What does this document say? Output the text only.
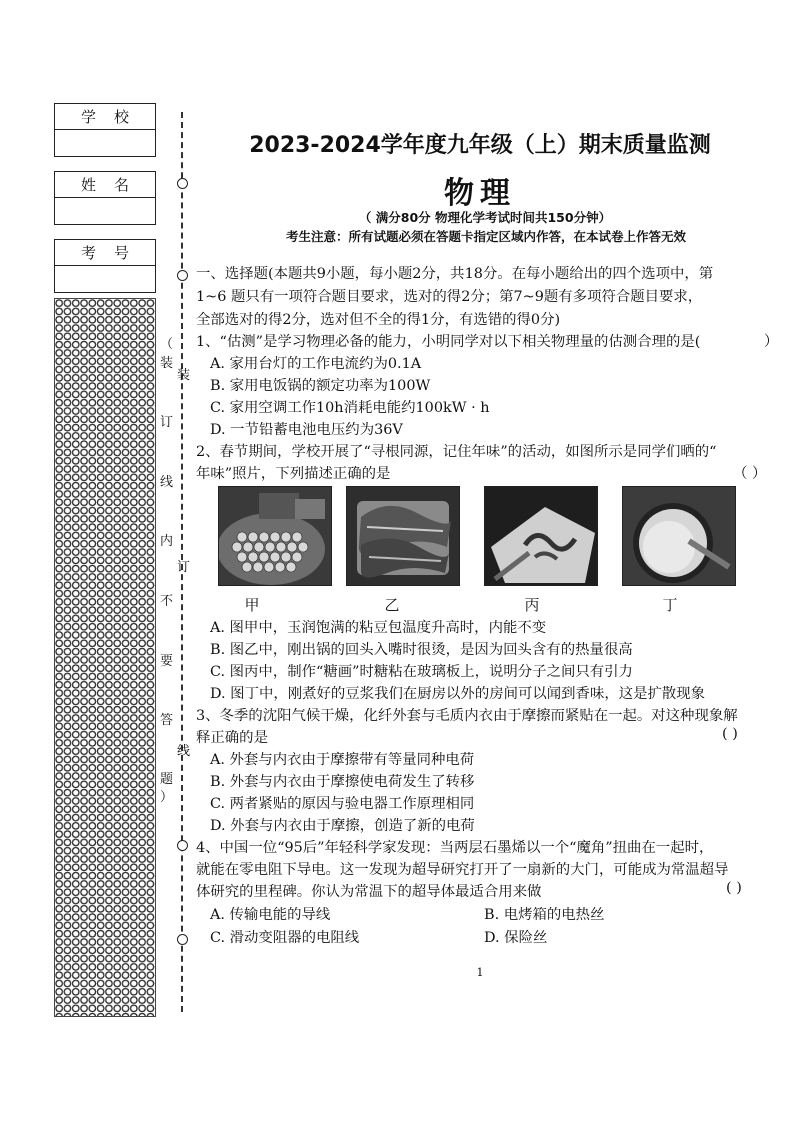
学校
姓名
考号
（
装
订
线
内
不
要
答
题
）
装
订
线
2023-2024学年度九年级（上）期末质量监测
物理
（ 满分80分 物理化学考试时间共150分钟）
考生注意：所有试题必须在答题卡指定区域内作答，在本试卷上作答无效
一、选择题(本题共9小题，每小题2分，共18分。在每小题给出的四个选项中，第
1~6 题只有一项符合题目要求，选对的得2分；第7~9题有多项符合题目要求，
全部选对的得2分，选对但不全的得1分，有选错的得0分)
1、“估测”是学习物理必备的能力，小明同学对以下相关物理量的估测合理的是(	）
A. 家用台灯的工作电流约为0.1A
B. 家用电饭锅的额定功率为100W
C. 家用空调工作10h消耗电能约100kW · h
D. 一节铅蓄电池电压约为36V
2、春节期间，学校开展了“寻根同源，记住年味”的活动，如图所示是同学们晒的“
年味”照片，下列描述正确的是	（ ）
甲	乙	丙	丁
A. 图甲中，玉润饱满的粘豆包温度升高时，内能不变
B. 图乙中，刚出锅的回头入嘴时很烫，是因为回头含有的热量很高
C. 图丙中，制作“糖画”时糖粘在玻璃板上，说明分子之间只有引力
D. 图丁中，刚煮好的豆浆我们在厨房以外的房间可以闻到香味，这是扩散现象
3、冬季的沈阳气候干燥，化纤外套与毛质内衣由于摩擦而紧贴在一起。对这种现象解
释正确的是	( )
A. 外套与内衣由于摩擦带有等量同种电荷
B. 外套与内衣由于摩擦使电荷发生了转移
C. 两者紧贴的原因与验电器工作原理相同
D. 外套与内衣由于摩擦，创造了新的电荷
4、中国一位“95后”年轻科学家发现：当两层石墨烯以一个“魔角”扭曲在一起时，
就能在零电阻下导电。这一发现为超导研究打开了一扇新的大门，可能成为常温超导
体研究的里程碑。你认为常温下的超导体最适合用来做	( )
A. 传输电能的导线	B. 电烤箱的电热丝
C. 滑动变阻器的电阻线	D. 保险丝
1
